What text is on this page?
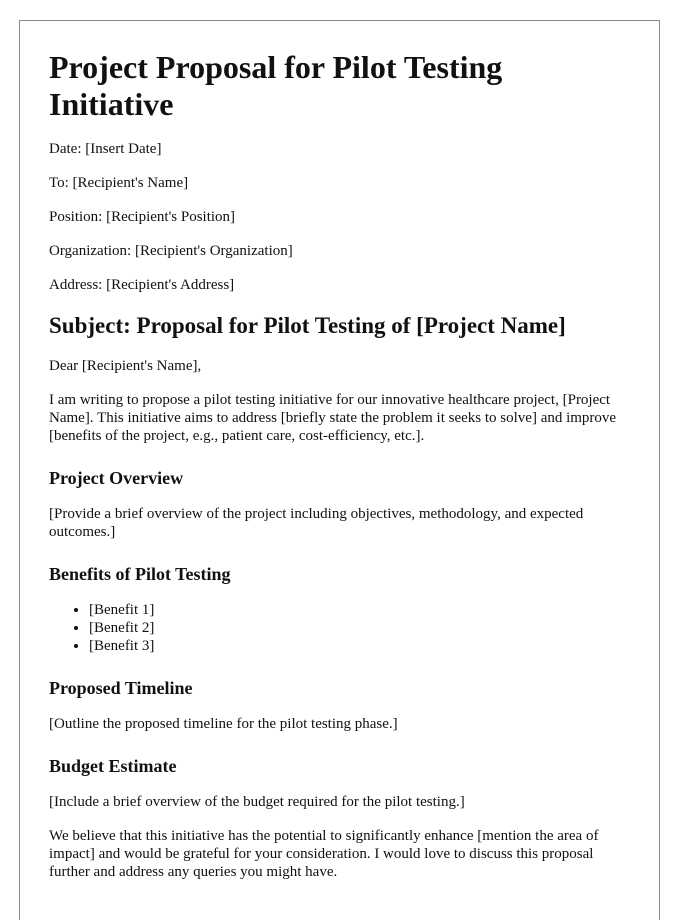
Project Proposal for Pilot Testing Initiative

Date: [Insert Date]

To: [Recipient's Name]

Position: [Recipient's Position]

Organization: [Recipient's Organization]

Address: [Recipient's Address]

Subject: Proposal for Pilot Testing of [Project Name]

Dear [Recipient's Name],

I am writing to propose a pilot testing initiative for our innovative healthcare project, [Project Name]. This initiative aims to address [briefly state the problem it seeks to solve] and improve [benefits of the project, e.g., patient care, cost-efficiency, etc.].

Project Overview

[Provide a brief overview of the project including objectives, methodology, and expected outcomes.]

Benefits of Pilot Testing
• [Benefit 1]
• [Benefit 2]
• [Benefit 3]
Proposed Timeline

[Outline the proposed timeline for the pilot testing phase.]

Budget Estimate

[Include a brief overview of the budget required for the pilot testing.]

We believe that this initiative has the potential to significantly enhance [mention the area of impact] and would be grateful for your consideration. I would love to discuss this proposal further and address any queries you might have.
